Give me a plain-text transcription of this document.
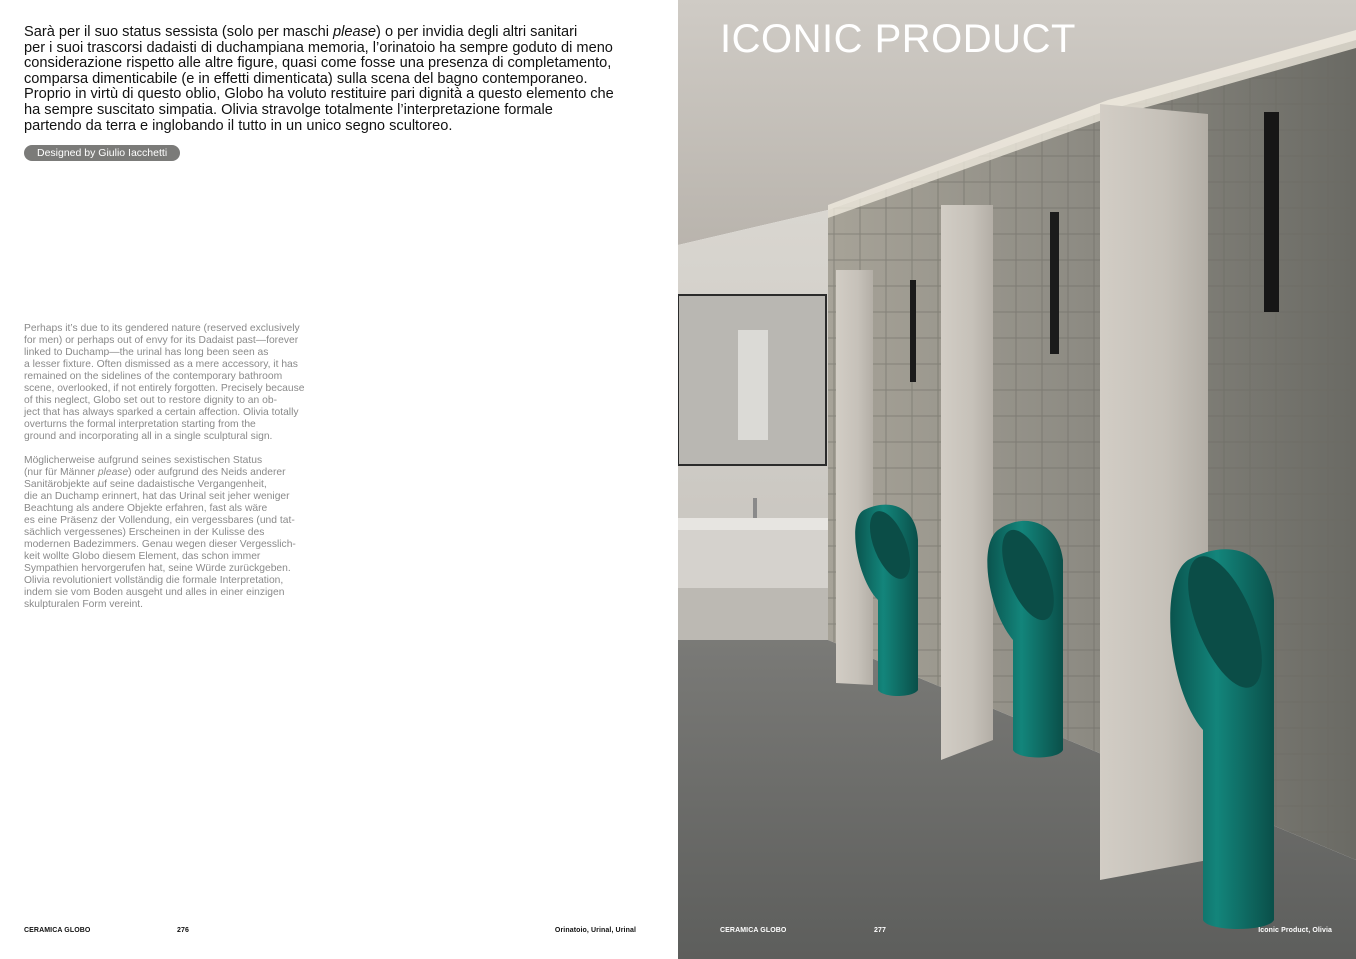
Sarà per il suo status sessista (solo per maschi please) o per invidia degli altri sanitari
per i suoi trascorsi dadaisti di duchampiana memoria, l’orinatoio ha sempre goduto di meno
considerazione rispetto alle altre figure, quasi come fosse una presenza di completamento,
comparsa dimenticabile (e in effetti dimenticata) sulla scena del bagno contemporaneo.
Proprio in virtù di questo oblio, Globo ha voluto restituire pari dignità a questo elemento che
ha sempre suscitato simpatia. Olivia stravolge totalmente l’interpretazione formale
partendo da terra e inglobando il tutto in un unico segno scultoreo.

Designed by Giulio Iacchetti

Perhaps it’s due to its gendered nature (reserved exclusively
for men) or perhaps out of envy for its Dadaist past—forever
linked to Duchamp—the urinal has long been seen as
a lesser fixture. Often dismissed as a mere accessory, it has
remained on the sidelines of the contemporary bathroom
scene, overlooked, if not entirely forgotten. Precisely because
of this neglect, Globo set out to restore dignity to an ob-
ject that has always sparked a certain affection. Olivia totally
overturns the formal interpretation starting from the
ground and incorporating all in a single sculptural sign.

Möglicherweise aufgrund seines sexistischen Status
(nur für Männer please) oder aufgrund des Neids anderer
Sanitärobjekte auf seine dadaistische Vergangenheit,
die an Duchamp erinnert, hat das Urinal seit jeher weniger
Beachtung als andere Objekte erfahren, fast als wäre
es eine Präsenz der Vollendung, ein vergessbares (und tat-
sächlich vergessenes) Erscheinen in der Kulisse des
modernen Badezimmers. Genau wegen dieser Vergesslich-
keit wollte Globo diesem Element, das schon immer
Sympathien hervorgerufen hat, seine Würde zurückgeben.
Olivia revolutioniert vollständig die formale Interpretation,
indem sie vom Boden ausgeht und alles in einer einzigen
skulpturalen Form vereint.

CERAMICA GLOBO	276	Orinatoio, Urinal, Urinal
ICONIC PRODUCT
CERAMICA GLOBO	277	Iconic Product, Olivia
